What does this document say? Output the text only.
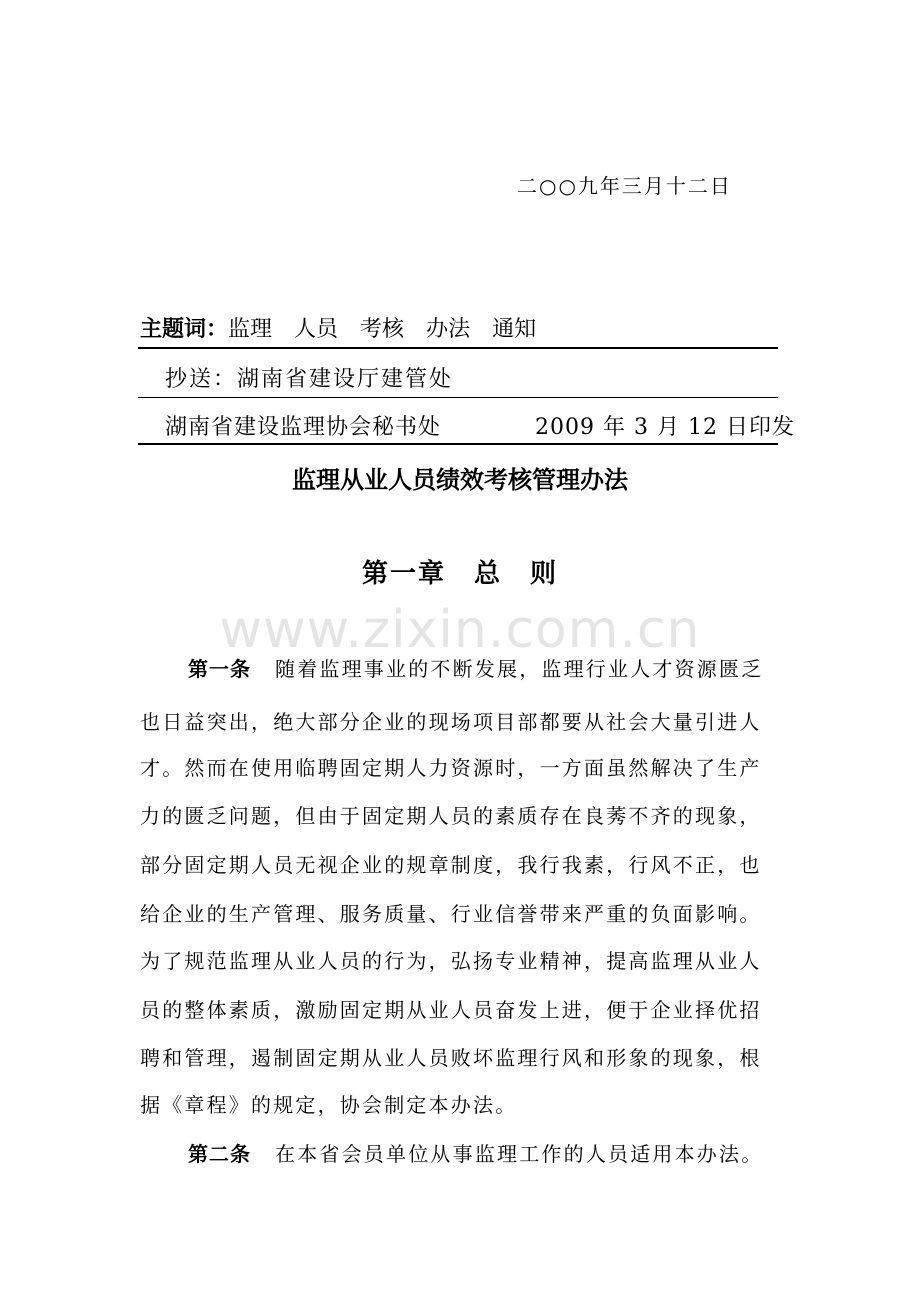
二○○九年三月十二日
主题词：监理 人员 考核 办法 通知
抄送：湖南省建设厅建管处
湖南省建设监理协会秘书处	2009 年 3 月 12 日印发
监理从业人员绩效考核管理办法
第一章　总　则
www.zixin.com.cn
第一条 随着监理事业的不断发展，监理行业人才资源匮乏
也日益突出，绝大部分企业的现场项目部都要从社会大量引进人
才。然而在使用临聘固定期人力资源时，一方面虽然解决了生产
力的匮乏问题，但由于固定期人员的素质存在良莠不齐的现象，
部分固定期人员无视企业的规章制度，我行我素，行风不正，也
给企业的生产管理、服务质量、行业信誉带来严重的负面影响。
为了规范监理从业人员的行为，弘扬专业精神，提高监理从业人
员的整体素质，激励固定期从业人员奋发上进，便于企业择优招
聘和管理，遏制固定期从业人员败坏监理行风和形象的现象，根
据《章程》的规定，协会制定本办法。
第二条 在本省会员单位从事监理工作的人员适用本办法。
